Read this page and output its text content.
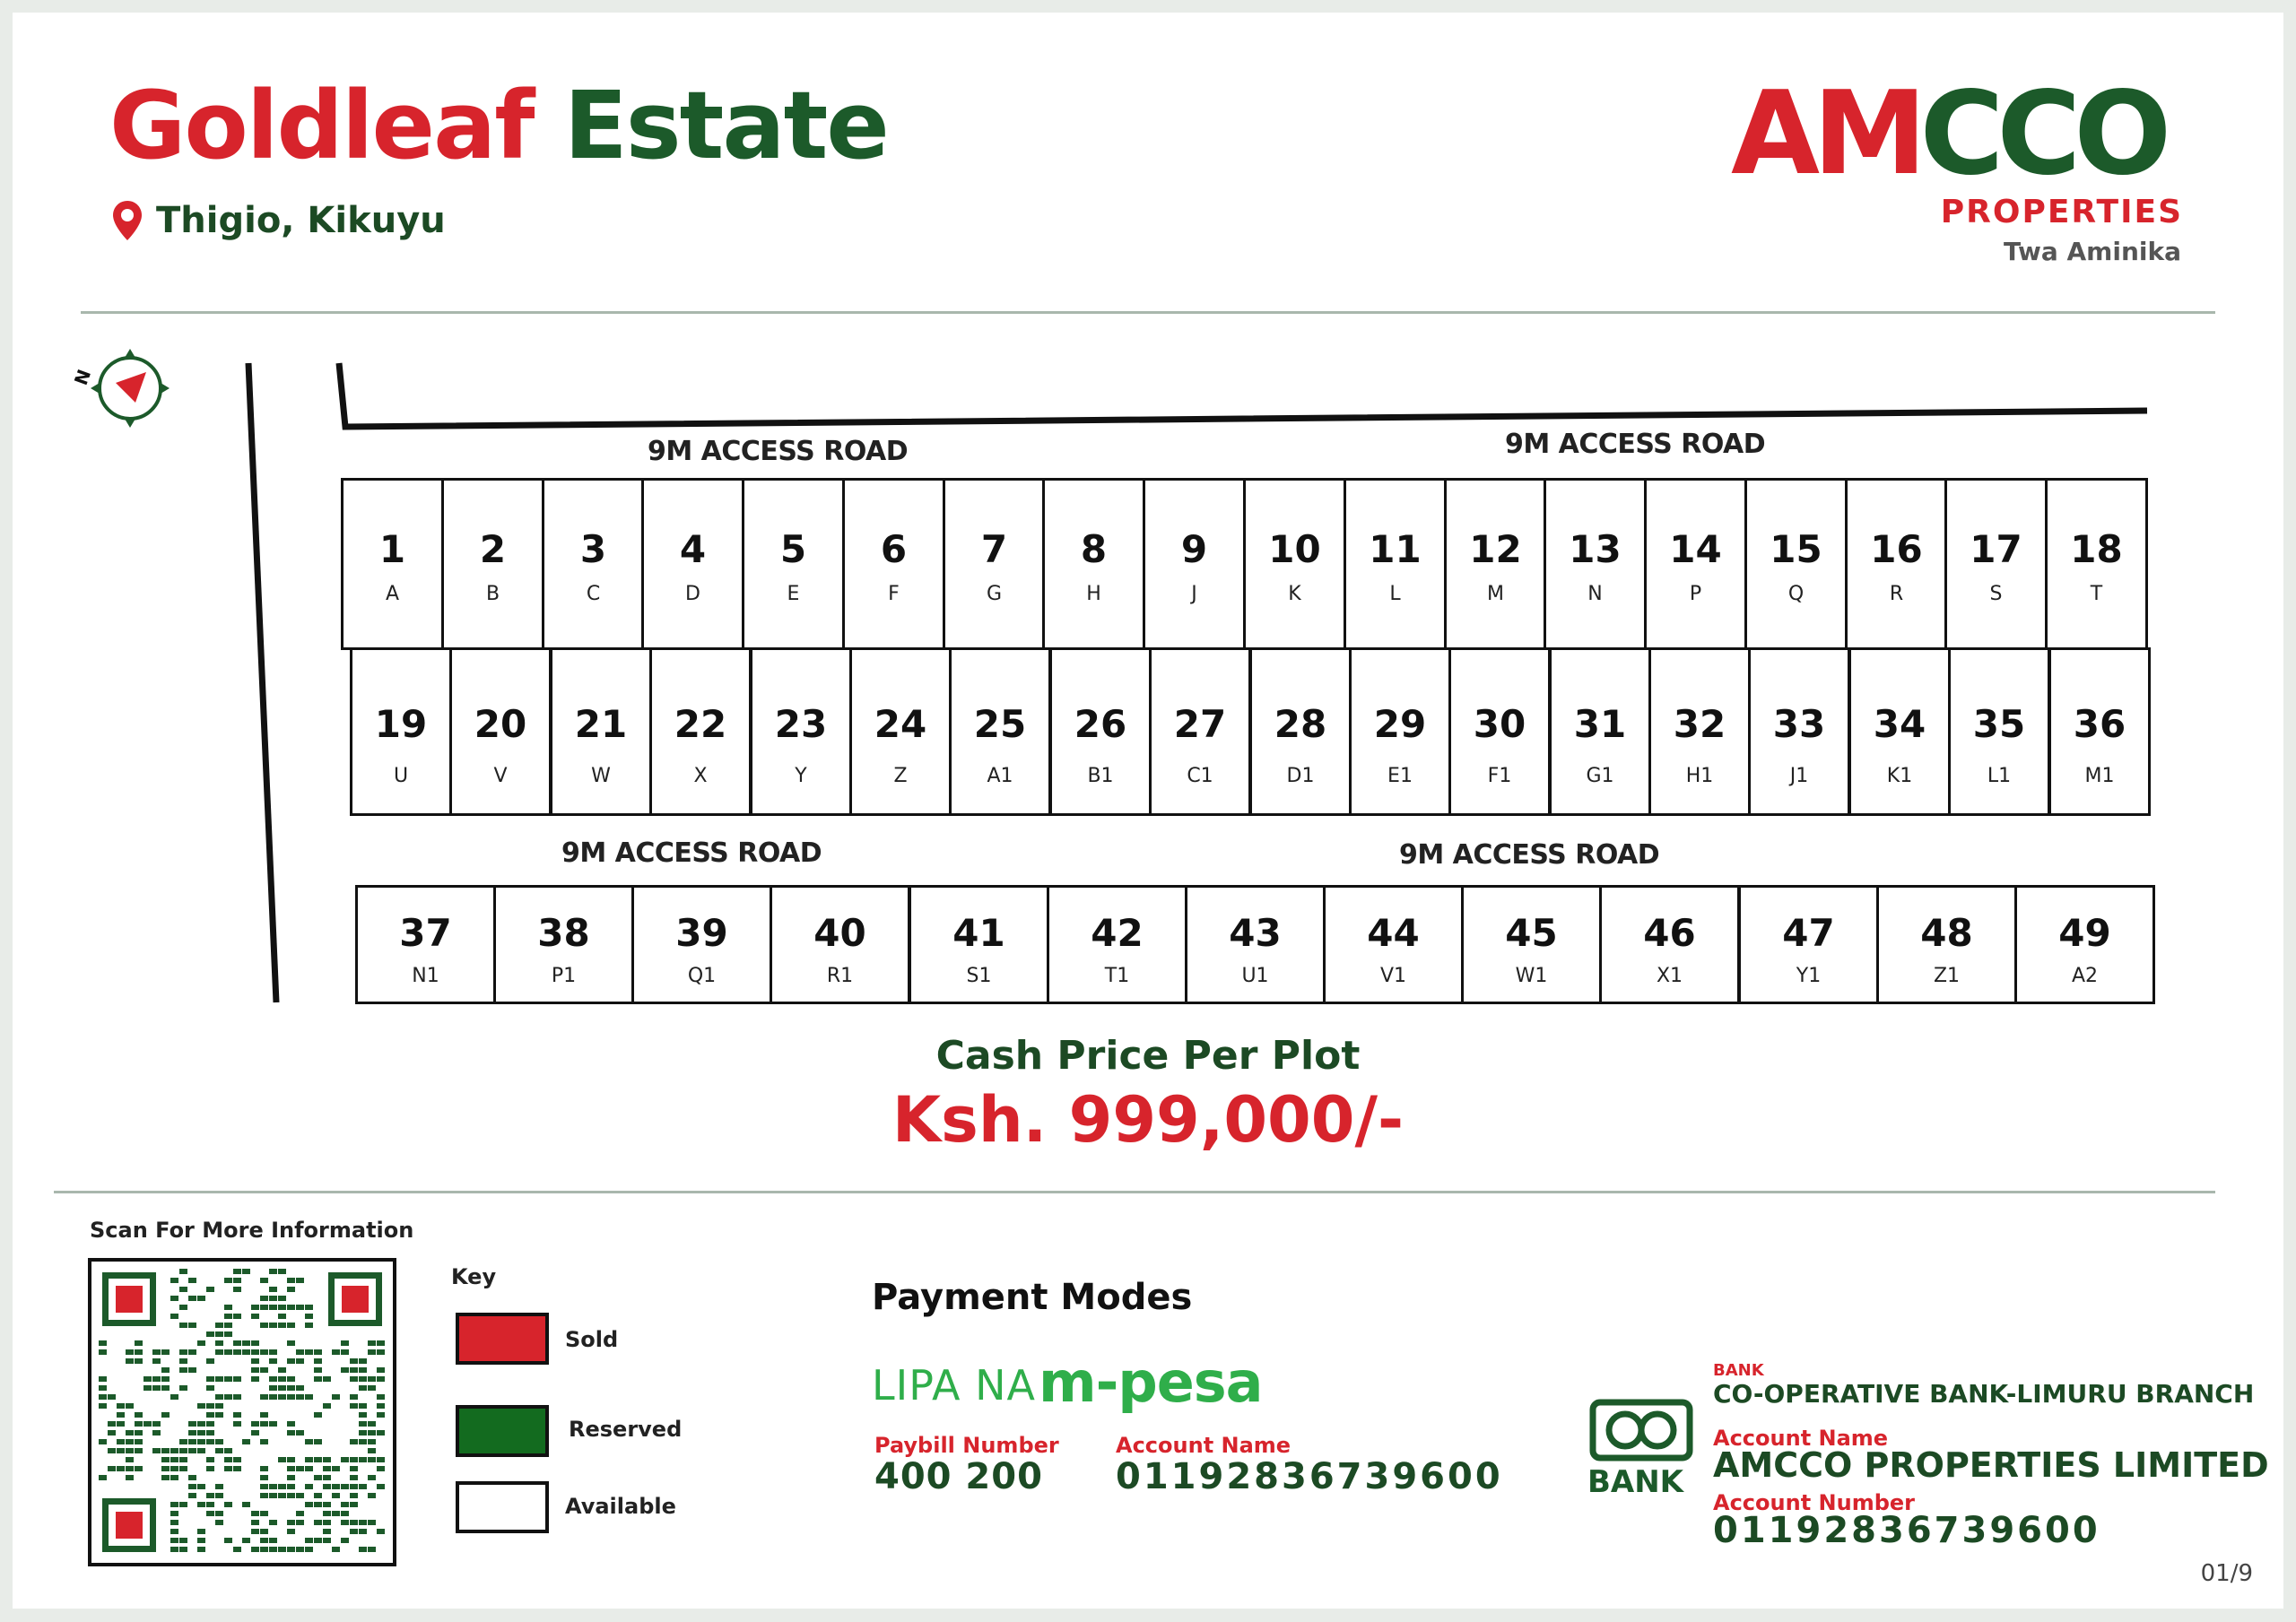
Goldleaf Estate
Thigio, Kikuyu
AMCCO
PROPERTIES
Twa Aminika
N
9M ACCESS ROAD	9M ACCESS ROAD
9M ACCESS ROAD	9M ACCESS ROAD
1
A
2
B
3
C
4
D
5
E
6
F
7
G
8
H
9
J
10
K
11
L
12
M
13
N
14
P
15
Q
16
R
17
S
18
T
19
U
20
V
21
W
22
X
23
Y
24
Z
25
A1
26
B1
27
C1
28
D1
29
E1
30
F1
31
G1
32
H1
33
J1
34
K1
35
L1
36
M1
37
N1
38
P1
39
Q1
40
R1
41
S1
42
T1
43
U1
44
V1
45
W1
46
X1
47
Y1
48
Z1
49
A2
Cash Price Per Plot
Ksh. 999,000/-
Scan For More Information
Key
Sold
Reserved
Available
Payment Modes
LIPA NA m-pesa
Paybill Number
400 200
Account Name
01192836739600	BANK
BANK
CO-OPERATIVE BANK-LIMURU BRANCH
Account Name
AMCCO PROPERTIES LIMITED
Account Number
01192836739600
01/9
